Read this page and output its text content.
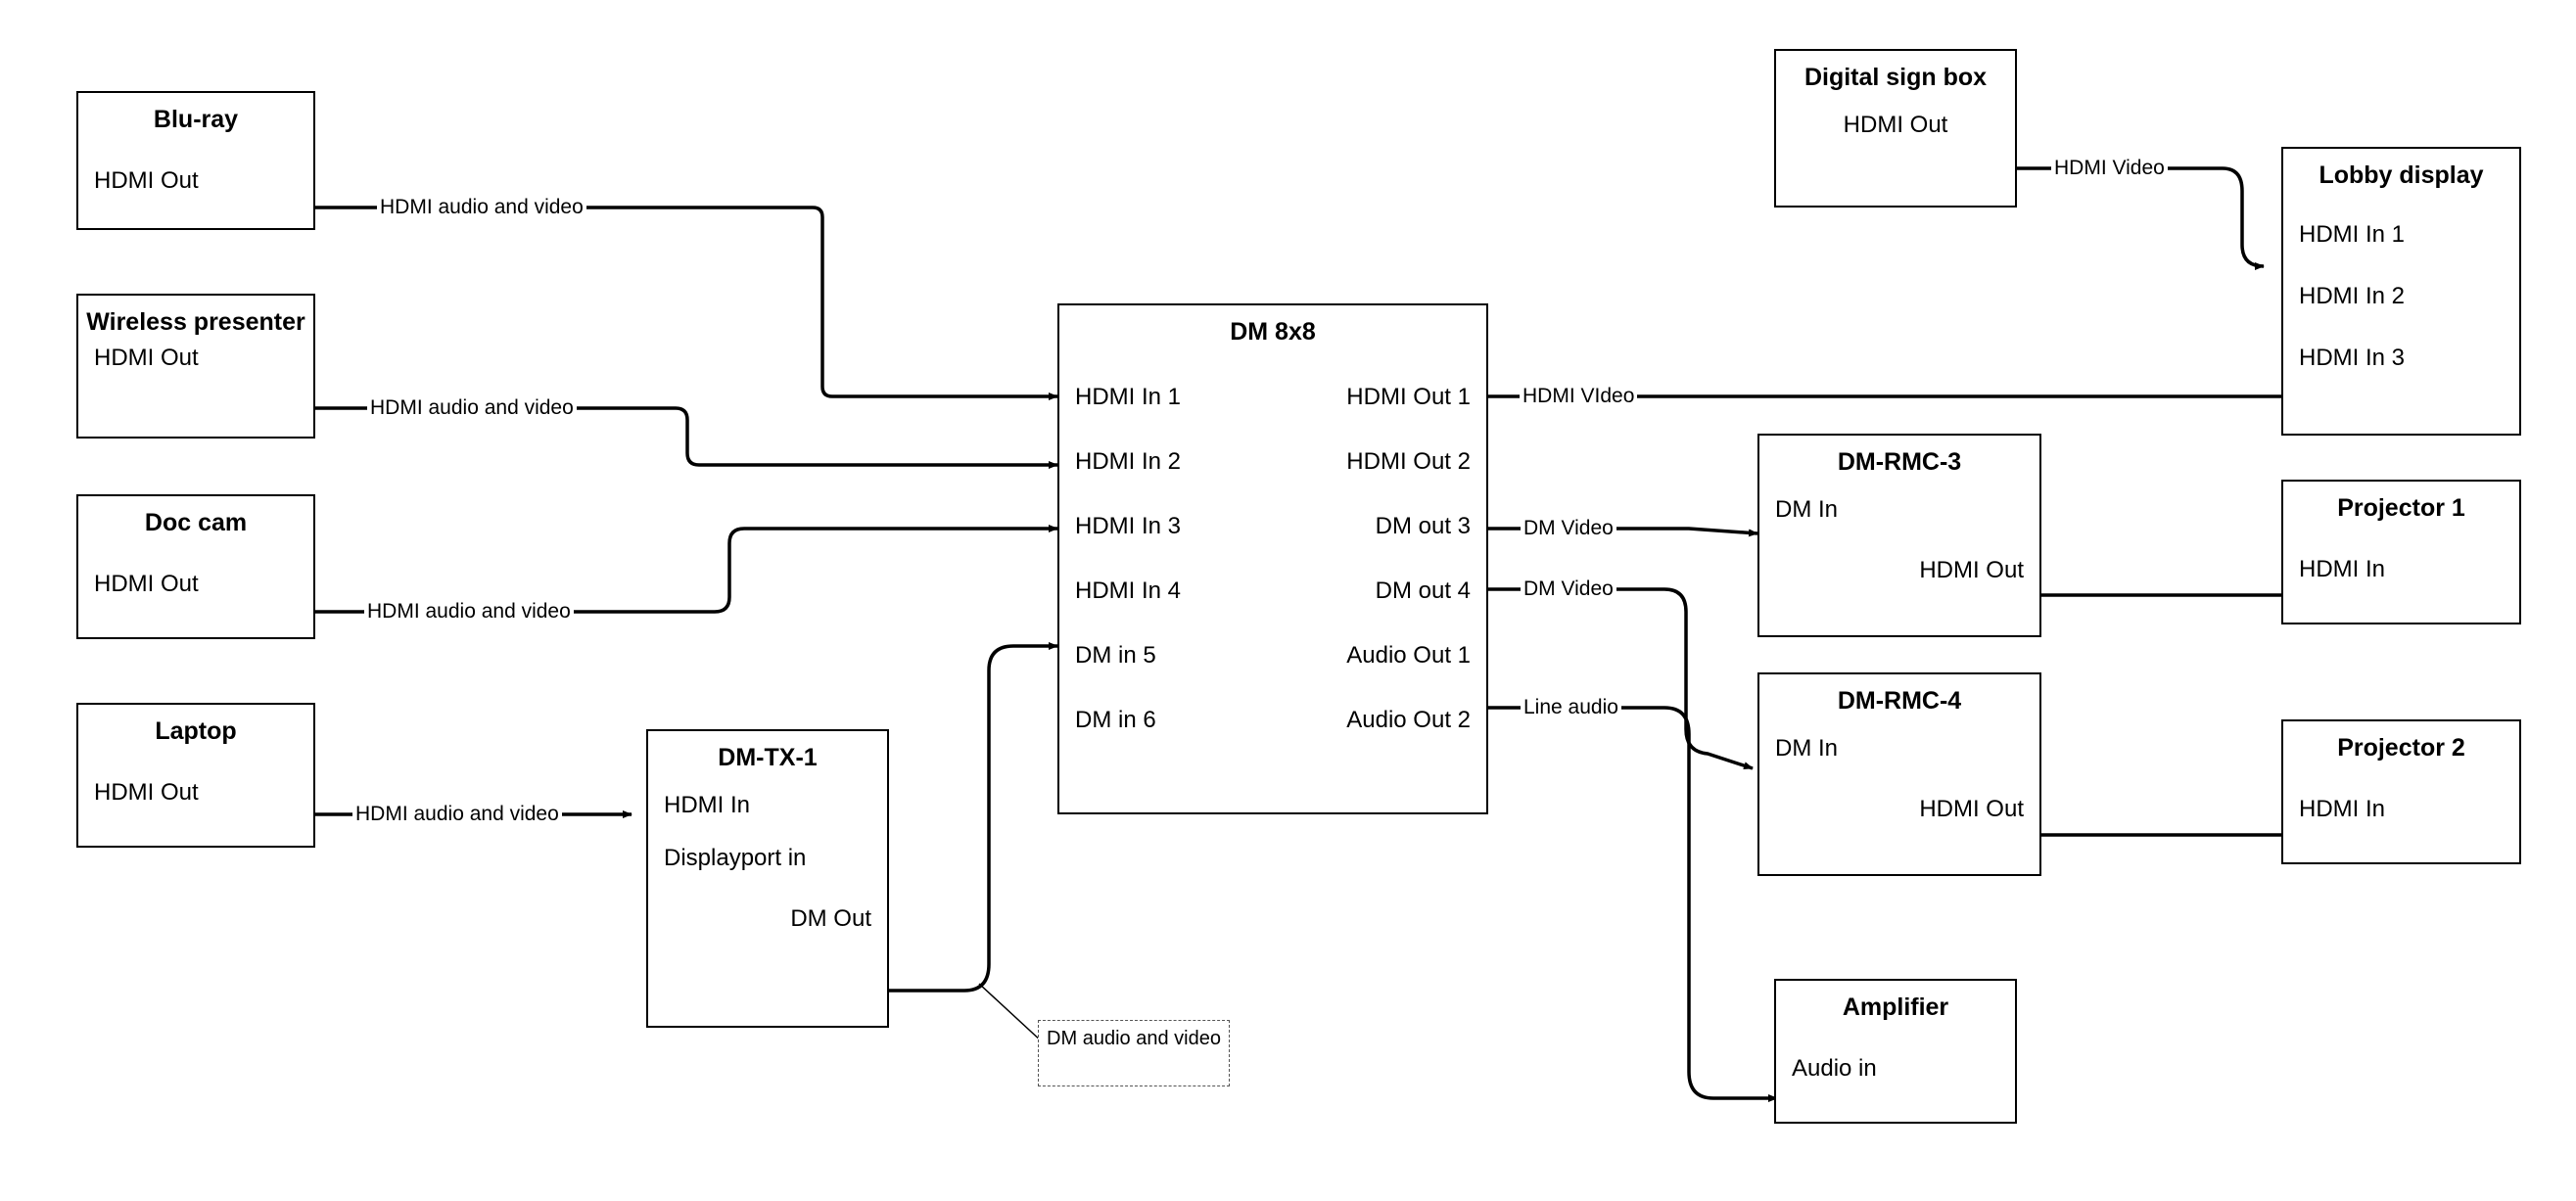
Blu-ray
HDMI Out
Wireless presenter
HDMI Out
Doc cam
HDMI Out
Laptop
HDMI Out
DM-TX-1
HDMI In
Displayport in
DM Out
DM audio and video
DM 8x8
HDMI In 1
HDMI In 2
HDMI In 3
HDMI In 4
DM in 5
DM in 6
HDMI Out 1
HDMI Out 2
DM out 3
DM out 4
Audio Out 1
Audio Out 2
Digital sign box
HDMI Out
Lobby display
HDMI In 1
HDMI In 2
HDMI In 3
DM-RMC-3
DM In
HDMI Out
DM-RMC-4
DM In
HDMI Out
Projector 1
HDMI In
Projector 2
HDMI In
Amplifier
Audio in
HDMI audio and video
HDMI audio and video
HDMI audio and video
HDMI audio and video
HDMI Video
HDMI VIdeo
DM Video
DM Video
Line audio
